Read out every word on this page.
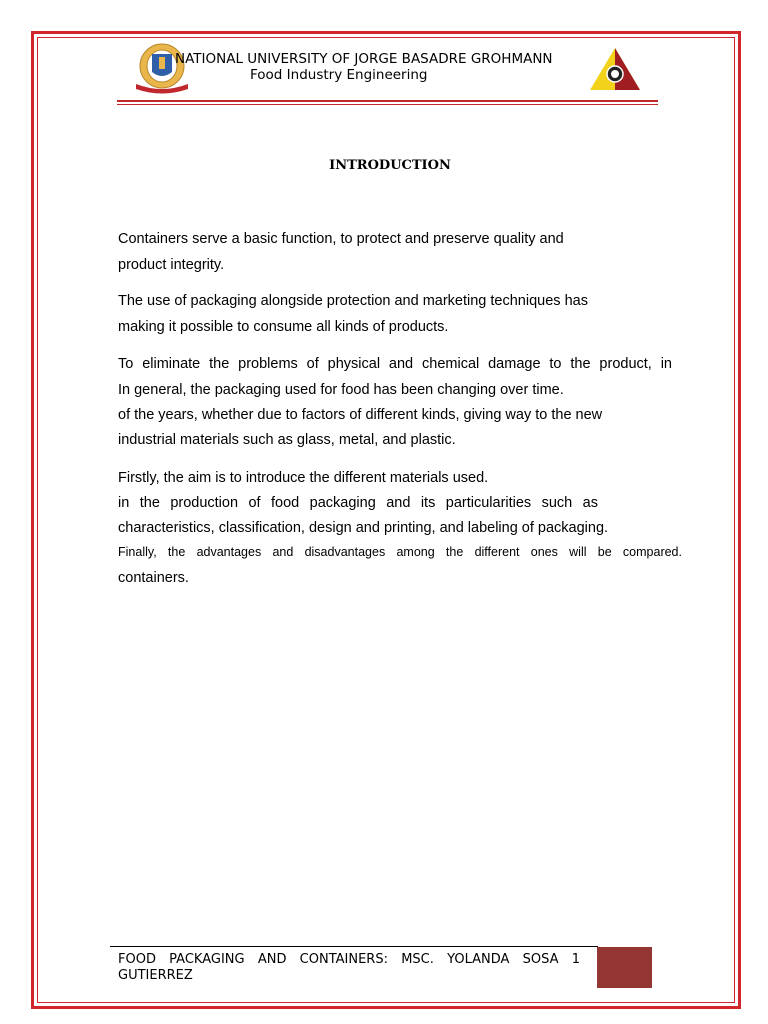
NATIONAL UNIVERSITY OF JORGE BASADRE GROHMANN
Food Industry Engineering
INTRODUCTION
Containers serve a basic function, to protect and preserve quality and
product integrity.
The use of packaging alongside protection and marketing techniques has
making it possible to consume all kinds of products.
To eliminate the problems of physical and chemical damage to the product, in
In general, the packaging used for food has been changing over time.
of the years, whether due to factors of different kinds, giving way to the new
industrial materials such as glass, metal, and plastic.
Firstly, the aim is to introduce the different materials used.
in the production of food packaging and its particularities such as
characteristics, classification, design and printing, and labeling of packaging.
Finally, the advantages and disadvantages among the different ones will be compared.
containers.
FOOD PACKAGING AND CONTAINERS: MSC. YOLANDA SOSA 1
GUTIERREZ
